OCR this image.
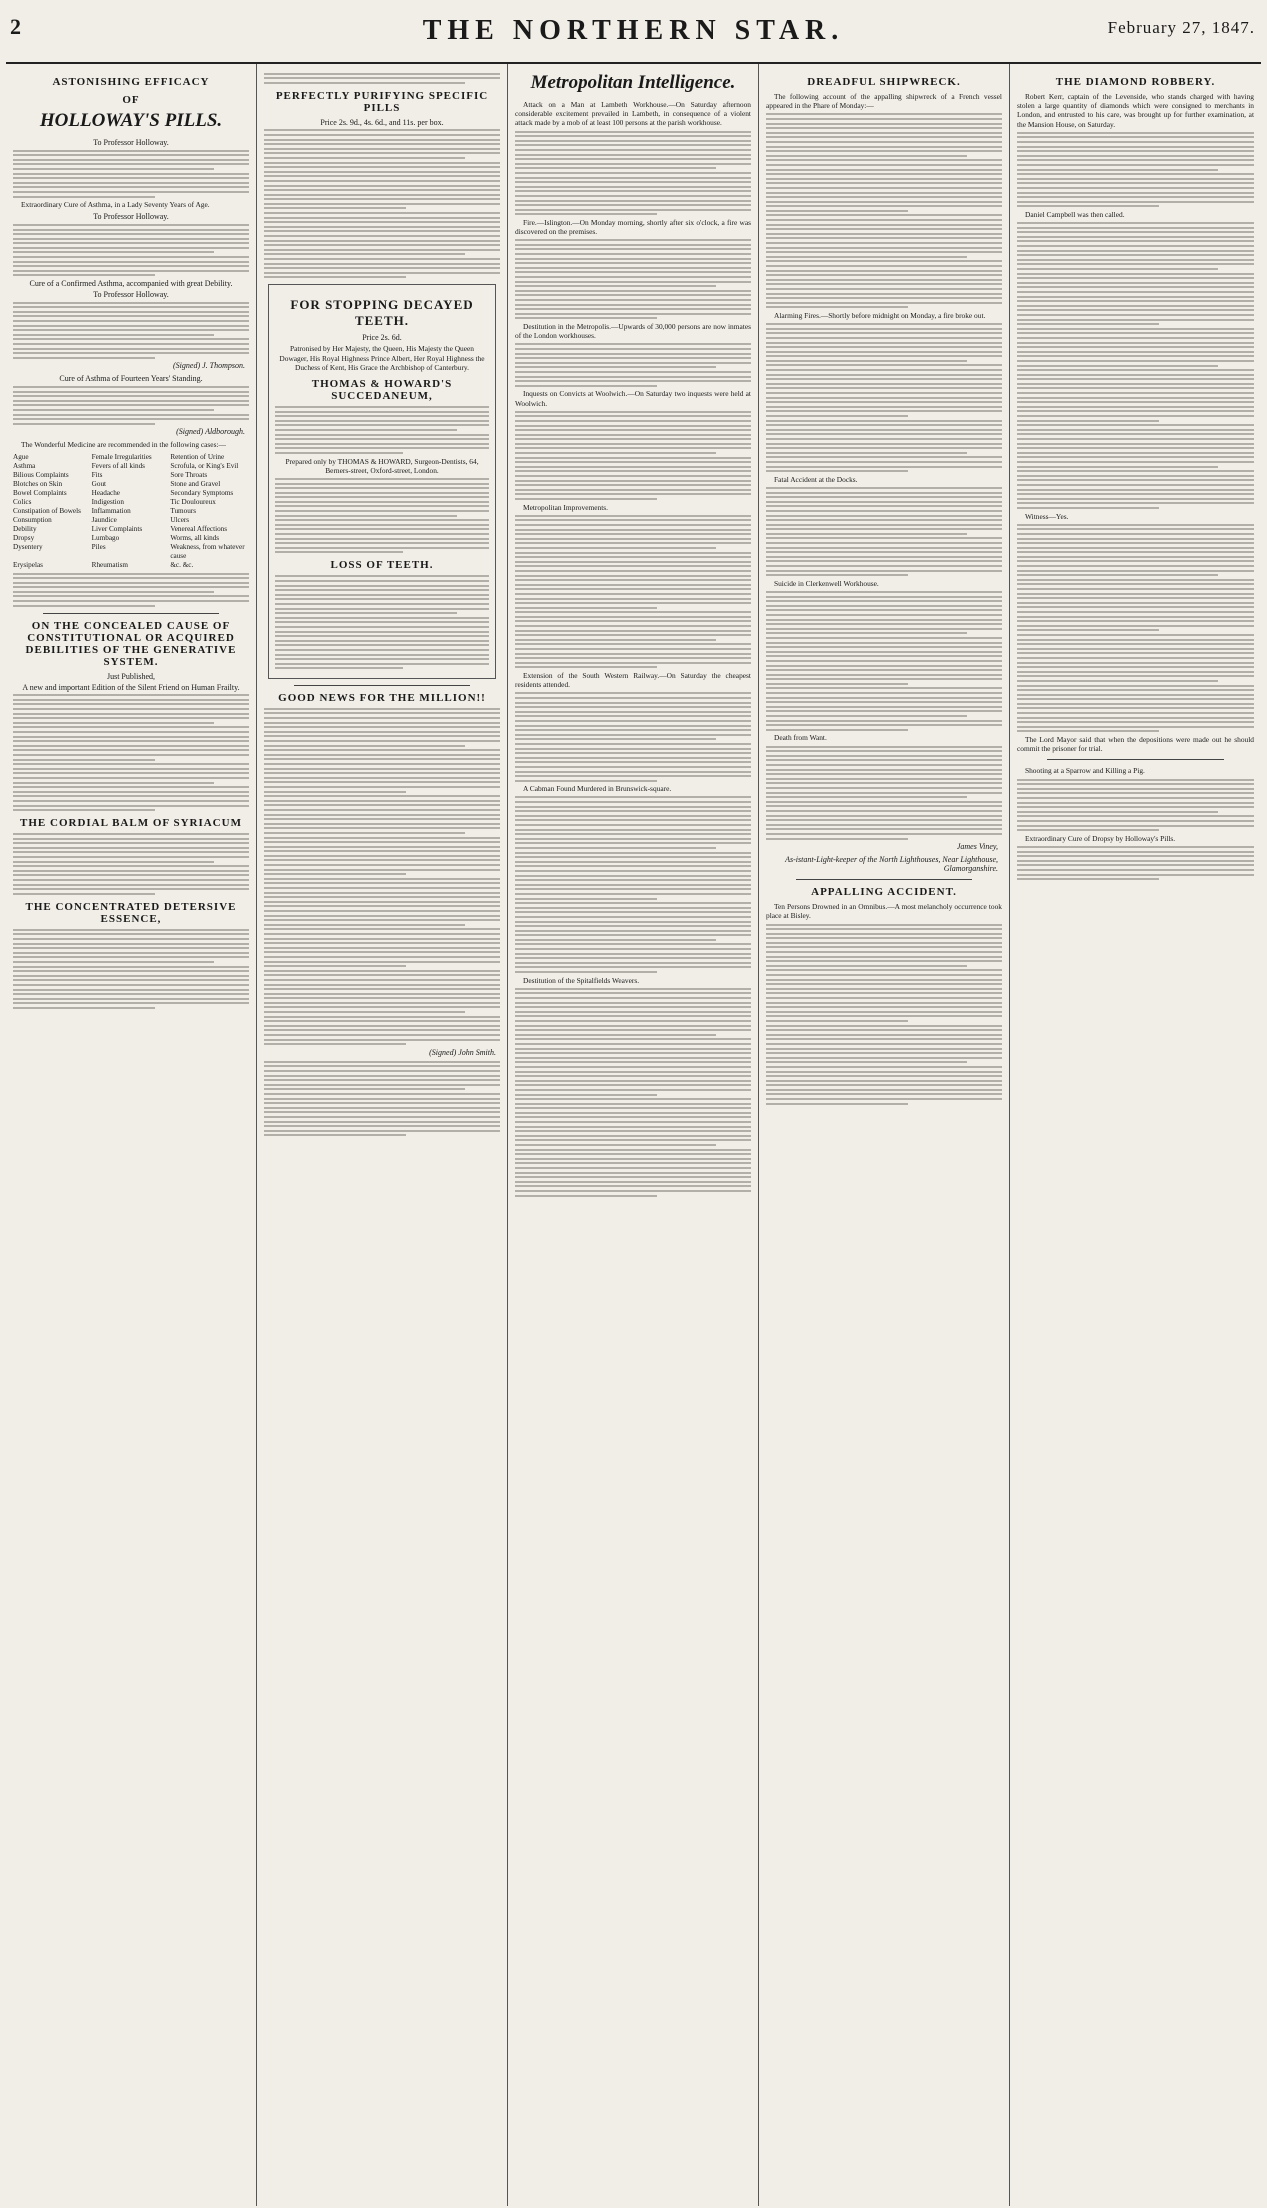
2	THE NORTHERN STAR.	February 27, 1847.
ASTONISHING EFFICACY
OF
HOLLOWAY'S PILLS.
To Professor Holloway.
Extraordinary Cure of Asthma, in a Lady Seventy Years of Age.
To Professor Holloway.
Cure of a Confirmed Asthma, accompanied with great Debility.
To Professor Holloway.
(Signed) J. Thompson.
Cure of Asthma of Fourteen Years' Standing.
(Signed) Aldborough.
The Wonderful Medicine are recommended in the following cases:—
Ague	Female Irregularities	Retention of Urine
Asthma	Fevers of all kinds	Scrofula, or King's Evil
Bilious Complaints	Fits	Sore Throats
Blotches on Skin	Gout	Stone and Gravel
Bowel Complaints	Headache	Secondary Symptoms
Colics	Indigestion	Tic Douloureux
Constipation of Bowels	Inflammation	Tumours
Consumption	Jaundice	Ulcers
Debility	Liver Complaints	Venereal Affections
Dropsy	Lumbago	Worms, all kinds
Dysentery	Piles	Weakness, from whatever cause
Erysipelas	Rheumatism	&c. &c.
ON THE CONCEALED CAUSE OF CONSTITUTIONAL OR ACQUIRED DEBILITIES OF THE GENERATIVE SYSTEM.
Just Published,
A new and important Edition of the Silent Friend on Human Frailty.
THE CORDIAL BALM OF SYRIACUM
THE CONCENTRATED DETERSIVE ESSENCE,
PERFECTLY PURIFYING SPECIFIC PILLS
Price 2s. 9d., 4s. 6d., and 11s. per box.
FOR STOPPING DECAYED TEETH.
Price 2s. 6d.
Patronised by Her Majesty, the Queen, His Majesty the Queen Dowager, His Royal Highness Prince Albert, Her Royal Highness the Duchess of Kent, His Grace the Archbishop of Canterbury.
THOMAS & HOWARD'S SUCCEDANEUM,
Prepared only by THOMAS & HOWARD, Surgeon-Dentists, 64, Berners-street, Oxford-street, London.
LOSS OF TEETH.
GOOD NEWS FOR THE MILLION!!
(Signed) John Smith.
Metropolitan Intelligence.
Attack on a Man at Lambeth Workhouse.—On Saturday afternoon considerable excitement prevailed in Lambeth, in consequence of a violent attack made by a mob of at least 100 persons at the parish workhouse.
Fire.—Islington.—On Monday morning, shortly after six o'clock, a fire was discovered on the premises.
Destitution in the Metropolis.—Upwards of 30,000 persons are now inmates of the London workhouses.
Inquests on Convicts at Woolwich.—On Saturday two inquests were held at Woolwich.
Metropolitan Improvements.
Extension of the South Western Railway.—On Saturday the cheapest residents attended.
A Cabman Found Murdered in Brunswick-square.
Destitution of the Spitalfields Weavers.
DREADFUL SHIPWRECK.
The following account of the appalling shipwreck of a French vessel appeared in the Phare of Monday:—
Alarming Fires.—Shortly before midnight on Monday, a fire broke out.
Fatal Accident at the Docks.
Suicide in Clerkenwell Workhouse.
Death from Want.
James Viney,
As-istant-Light-keeper of the North Lighthouses, Near Lighthouse, Glamorganshire.
APPALLING ACCIDENT.
Ten Persons Drowned in an Omnibus.—A most melancholy occurrence took place at Bisley.
THE DIAMOND ROBBERY.
Robert Kerr, captain of the Levenside, who stands charged with having stolen a large quantity of diamonds which were consigned to merchants in London, and entrusted to his care, was brought up for further examination, at the Mansion House, on Saturday.
Daniel Campbell was then called.
Witness—Yes.
The Lord Mayor said that when the depositions were made out he should commit the prisoner for trial.
Shooting at a Sparrow and Killing a Pig.
Extraordinary Cure of Dropsy by Holloway's Pills.
